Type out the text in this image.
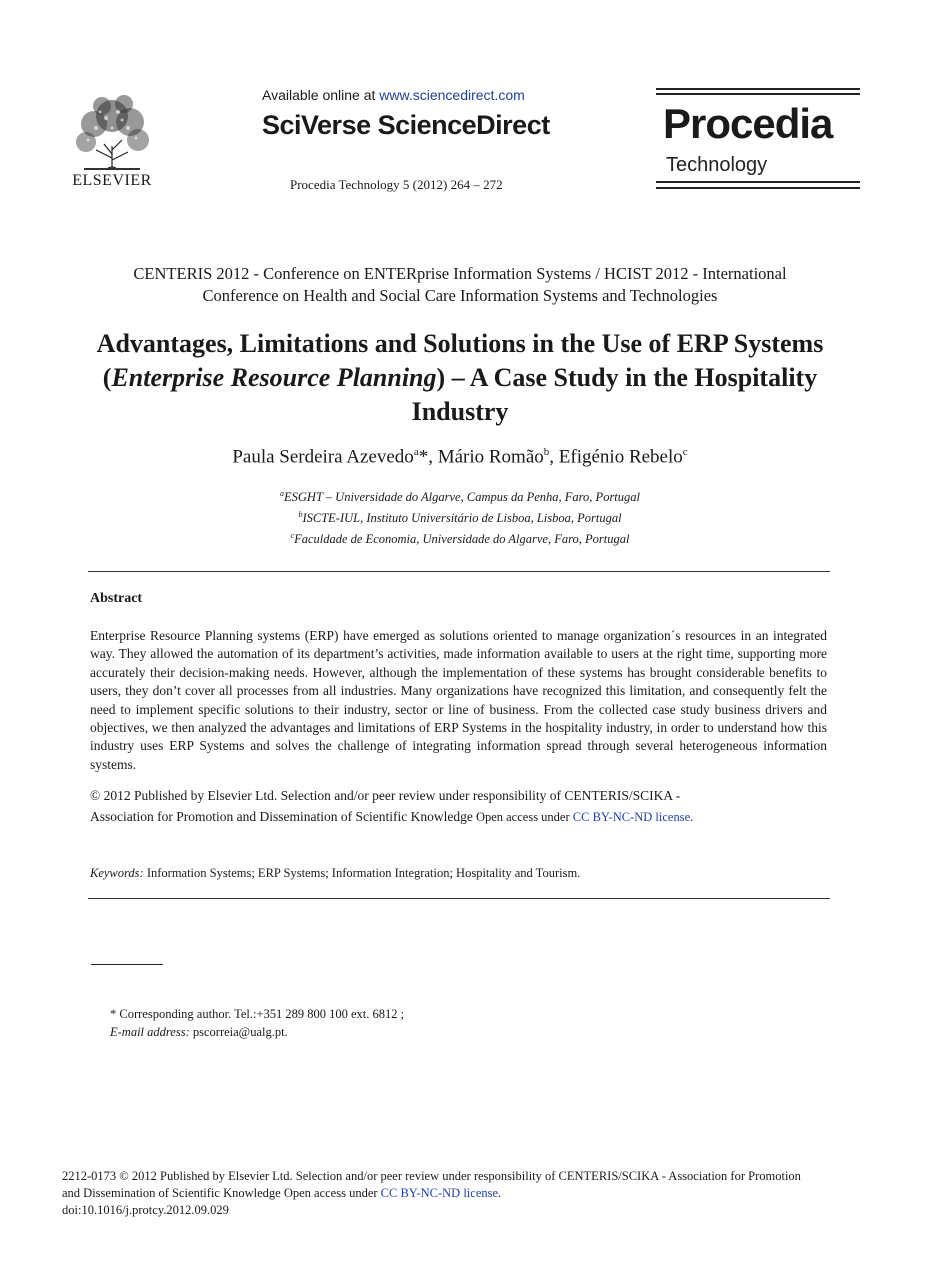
ELSEVIER
Available online at www.sciencedirect.com
SciVerse ScienceDirect
Procedia Technology 5 (2012) 264 – 272
Procedia
Technology
CENTERIS 2012 - Conference on ENTERprise Information Systems / HCIST 2012 - International
Conference on Health and Social Care Information Systems and Technologies
Advantages, Limitations and Solutions in the Use of ERP Systems (Enterprise Resource Planning) – A Case Study in the Hospitality Industry
Paula Serdeira Azevedo$^a$*, Mário Romão$^b$, Efigénio Rebelo$^c$
$^a$ESGHT – Universidade do Algarve, Campus da Penha, Faro, Portugal
$^b$ISCTE-IUL, Instituto Universitário de Lisboa, Lisboa, Portugal
$^c$Faculdade de Economia, Universidade do Algarve, Faro, Portugal
Abstract
Enterprise Resource Planning systems (ERP) have emerged as solutions oriented to manage organization´s resources in an integrated way. They allowed the automation of its department’s activities, made information available to users at the right time, supporting more accurately their decision-making needs. However, although the implementation of these systems has brought considerable benefits to users, they don’t cover all processes from all industries. Many organizations have recognized this limitation, and consequently felt the need to implement specific solutions to their industry, sector or line of business. From the collected case study business drivers and objectives, we then analyzed the advantages and limitations of ERP Systems in the hospitality industry, in order to understand how this industry uses ERP Systems and solves the challenge of integrating information spread through several heterogeneous information systems.
© 2012 Published by Elsevier Ltd. Selection and/or peer review under responsibility of CENTERIS/SCIKA -
Association for Promotion and Dissemination of Scientific Knowledge Open access under CC BY-NC-ND license.
Keywords: Information Systems; ERP Systems; Information Integration; Hospitality and Tourism.
* Corresponding author. Tel.:+351 289 800 100 ext. 6812 ;
E-mail address: pscorreia@ualg.pt.
2212-0173 © 2012 Published by Elsevier Ltd. Selection and/or peer review under responsibility of CENTERIS/SCIKA - Association for Promotion
and Dissemination of Scientific Knowledge Open access under CC BY-NC-ND license.
doi:10.1016/j.protcy.2012.09.029
